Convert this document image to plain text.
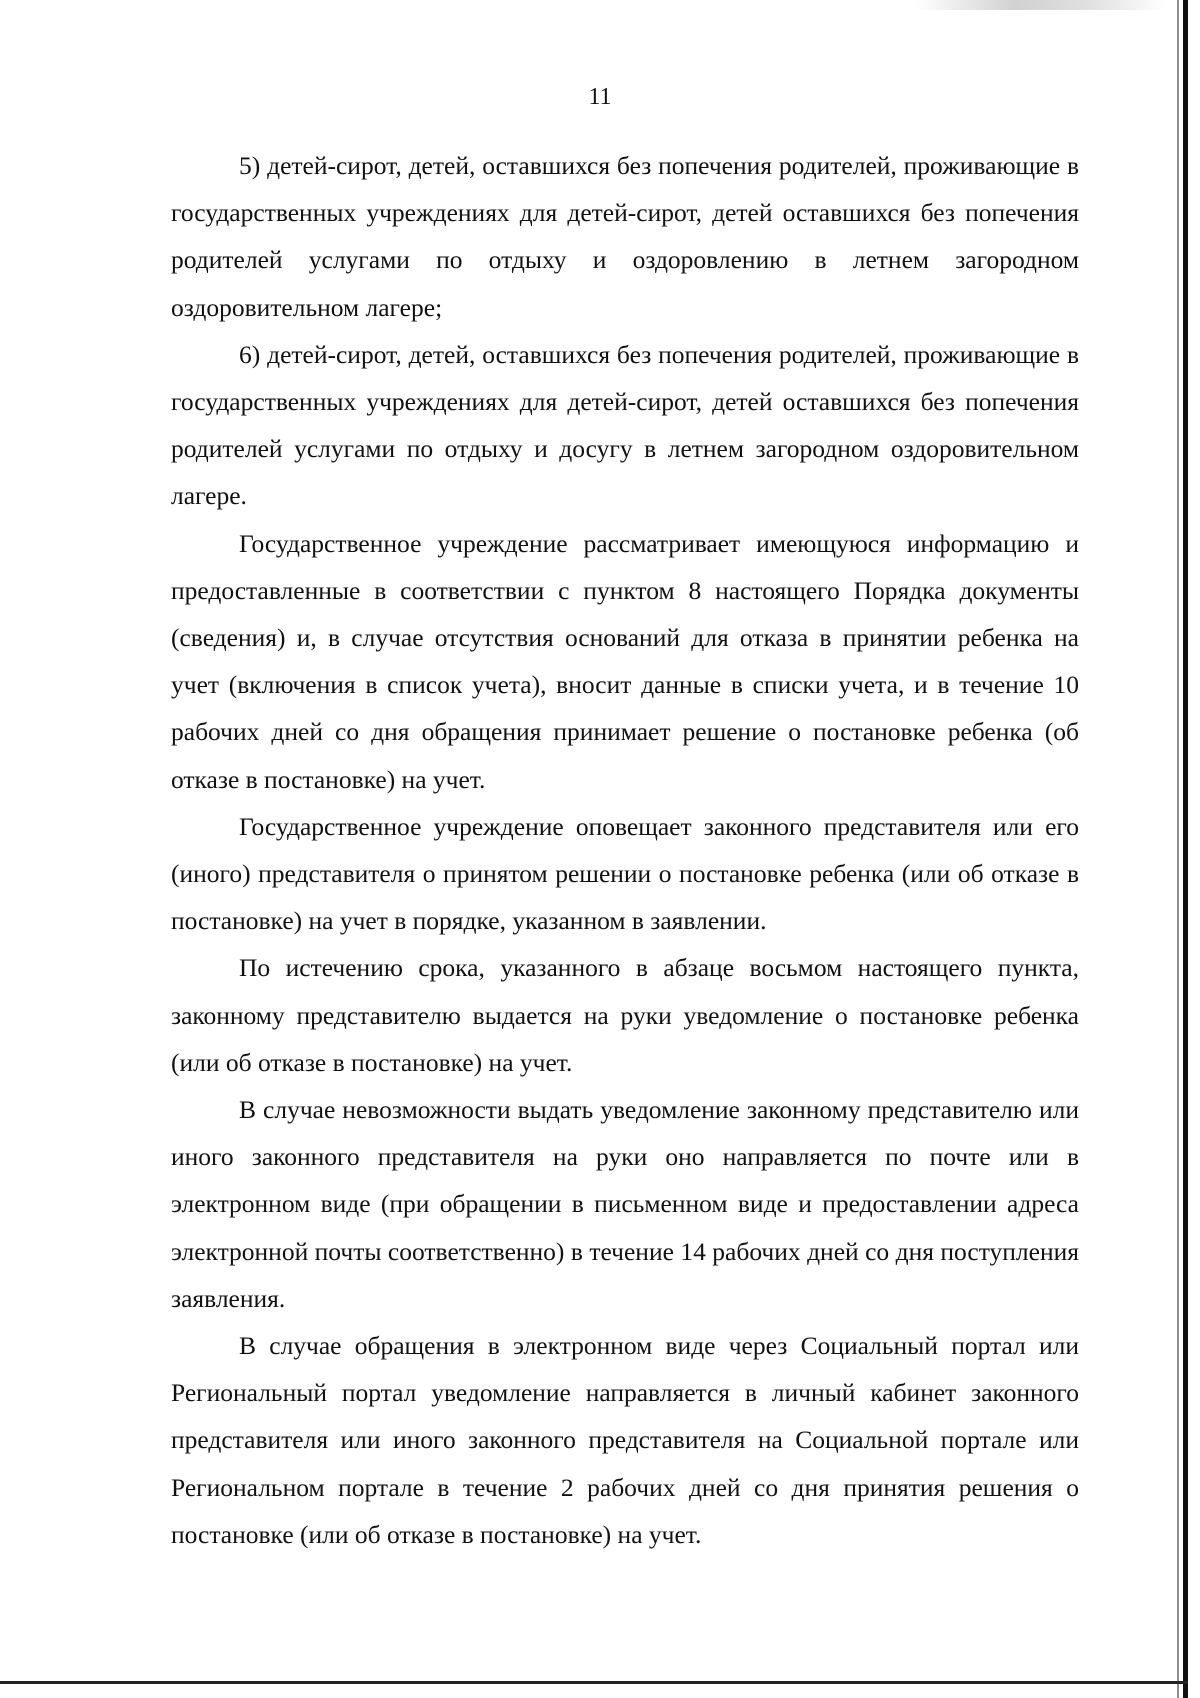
11

5) детей-сирот, детей, оставшихся без попечения родителей, проживающие в государственных учреждениях для детей-сирот, детей оставшихся без попечения родителей услугами по отдыху и оздоровлению в летнем загородном оздоровительном лагере;

6) детей-сирот, детей, оставшихся без попечения родителей, проживающие в государственных учреждениях для детей-сирот, детей оставшихся без попечения родителей услугами по отдыху и досугу в летнем загородном оздоровительном лагере.

Государственное учреждение рассматривает имеющуюся информацию и предоставленные в соответствии с пунктом 8 настоящего Порядка документы (сведения) и, в случае отсутствия оснований для отказа в принятии ребенка на учет (включения в список учета), вносит данные в списки учета, и в течение 10 рабочих дней со дня обращения принимает решение о постановке ребенка (об отказе в постановке) на учет.

Государственное учреждение оповещает законного представителя или его (иного) представителя о принятом решении о постановке ребенка (или об отказе в постановке) на учет в порядке, указанном в заявлении.

По истечению срока, указанного в абзаце восьмом настоящего пункта, законному представителю выдается на руки уведомление о постановке ребенка (или об отказе в постановке) на учет.

В случае невозможности выдать уведомление законному представителю или иного законного представителя на руки оно направляется по почте или в электронном виде (при обращении в письменном виде и предоставлении адреса электронной почты соответственно) в течение 14 рабочих дней со дня поступления заявления.

В случае обращения в электронном виде через Социальный портал или Региональный портал уведомление направляется в личный кабинет законного представителя или иного законного представителя на Социальной портале или Региональном портале в течение 2 рабочих дней со дня принятия решения о постановке (или об отказе в постановке) на учет.
